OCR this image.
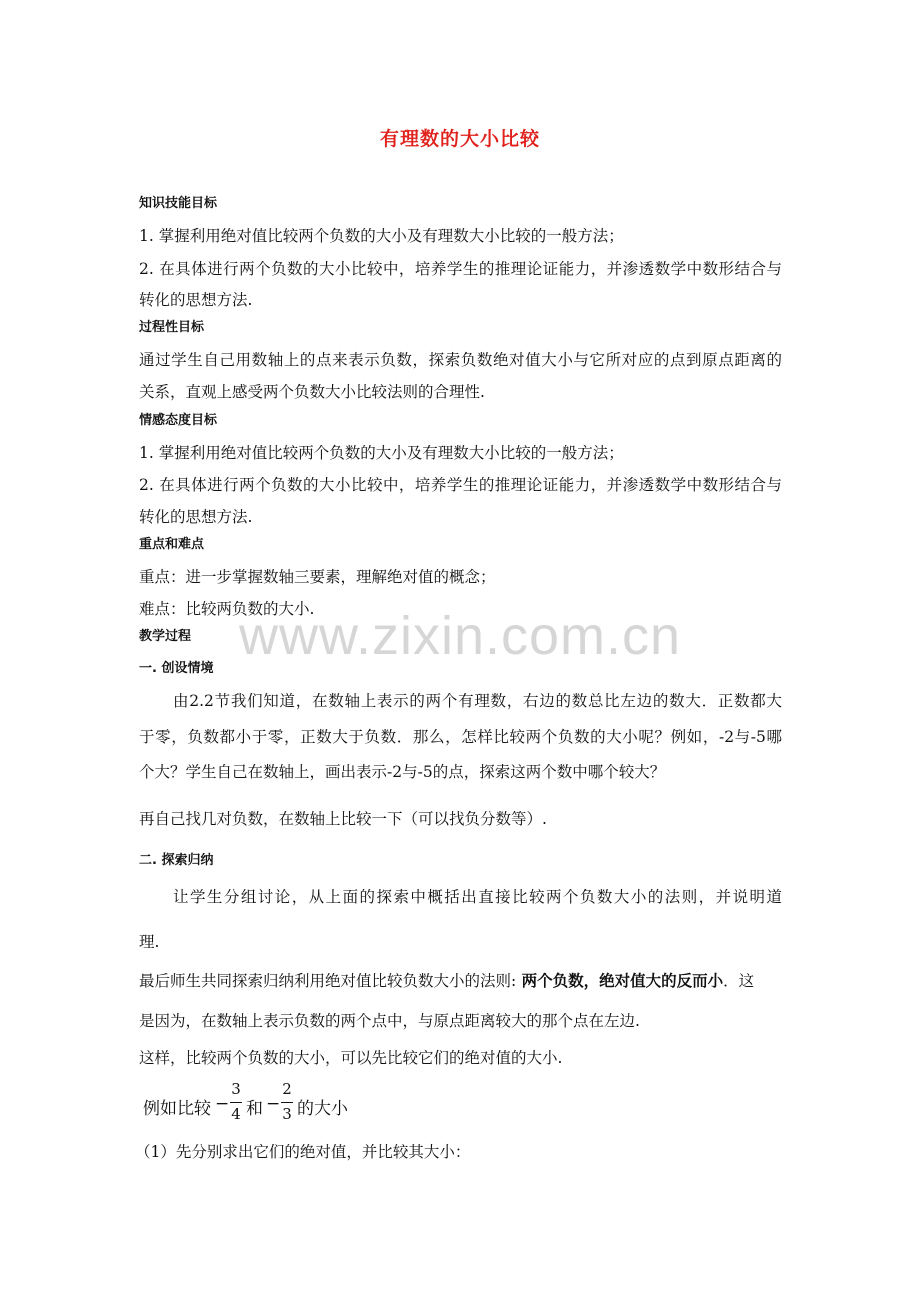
有理数的大小比较
www.zixin.com.cn
知识技能目标
1. 掌握利用绝对值比较两个负数的大小及有理数大小比较的一般方法；
2. 在具体进行两个负数的大小比较中，培养学生的推理论证能力，并渗透数学中数形结合与
转化的思想方法.
过程性目标
通过学生自己用数轴上的点来表示负数，探索负数绝对值大小与它所对应的点到原点距离的
关系，直观上感受两个负数大小比较法则的合理性.
情感态度目标
1. 掌握利用绝对值比较两个负数的大小及有理数大小比较的一般方法；
2. 在具体进行两个负数的大小比较中，培养学生的推理论证能力，并渗透数学中数形结合与
转化的思想方法.
重点和难点
重点：进一步掌握数轴三要素，理解绝对值的概念；
难点：比较两负数的大小.
教学过程
一. 创设情境
由2.2节我们知道，在数轴上表示的两个有理数，右边的数总比左边的数大．正数都大
于零，负数都小于零，正数大于负数．那么，怎样比较两个负数的大小呢？例如，-2与-5哪
个大？学生自己在数轴上，画出表示-2与-5的点，探索这两个数中哪个较大？
再自己找几对负数，在数轴上比较一下（可以找负分数等）.
二. 探索归纳
让学生分组讨论，从上面的探索中概括出直接比较两个负数大小的法则，并说明道
理.
最后师生共同探索归纳利用绝对值比较负数大小的法则: 两个负数，绝对值大的反而小．这
是因为，在数轴上表示负数的两个点中，与原点距离较大的那个点在左边.
这样，比较两个负数的大小，可以先比较它们的绝对值的大小.
例如比较 −
3
4 和 −
2
3 的大小
（1）先分别求出它们的绝对值，并比较其大小：
